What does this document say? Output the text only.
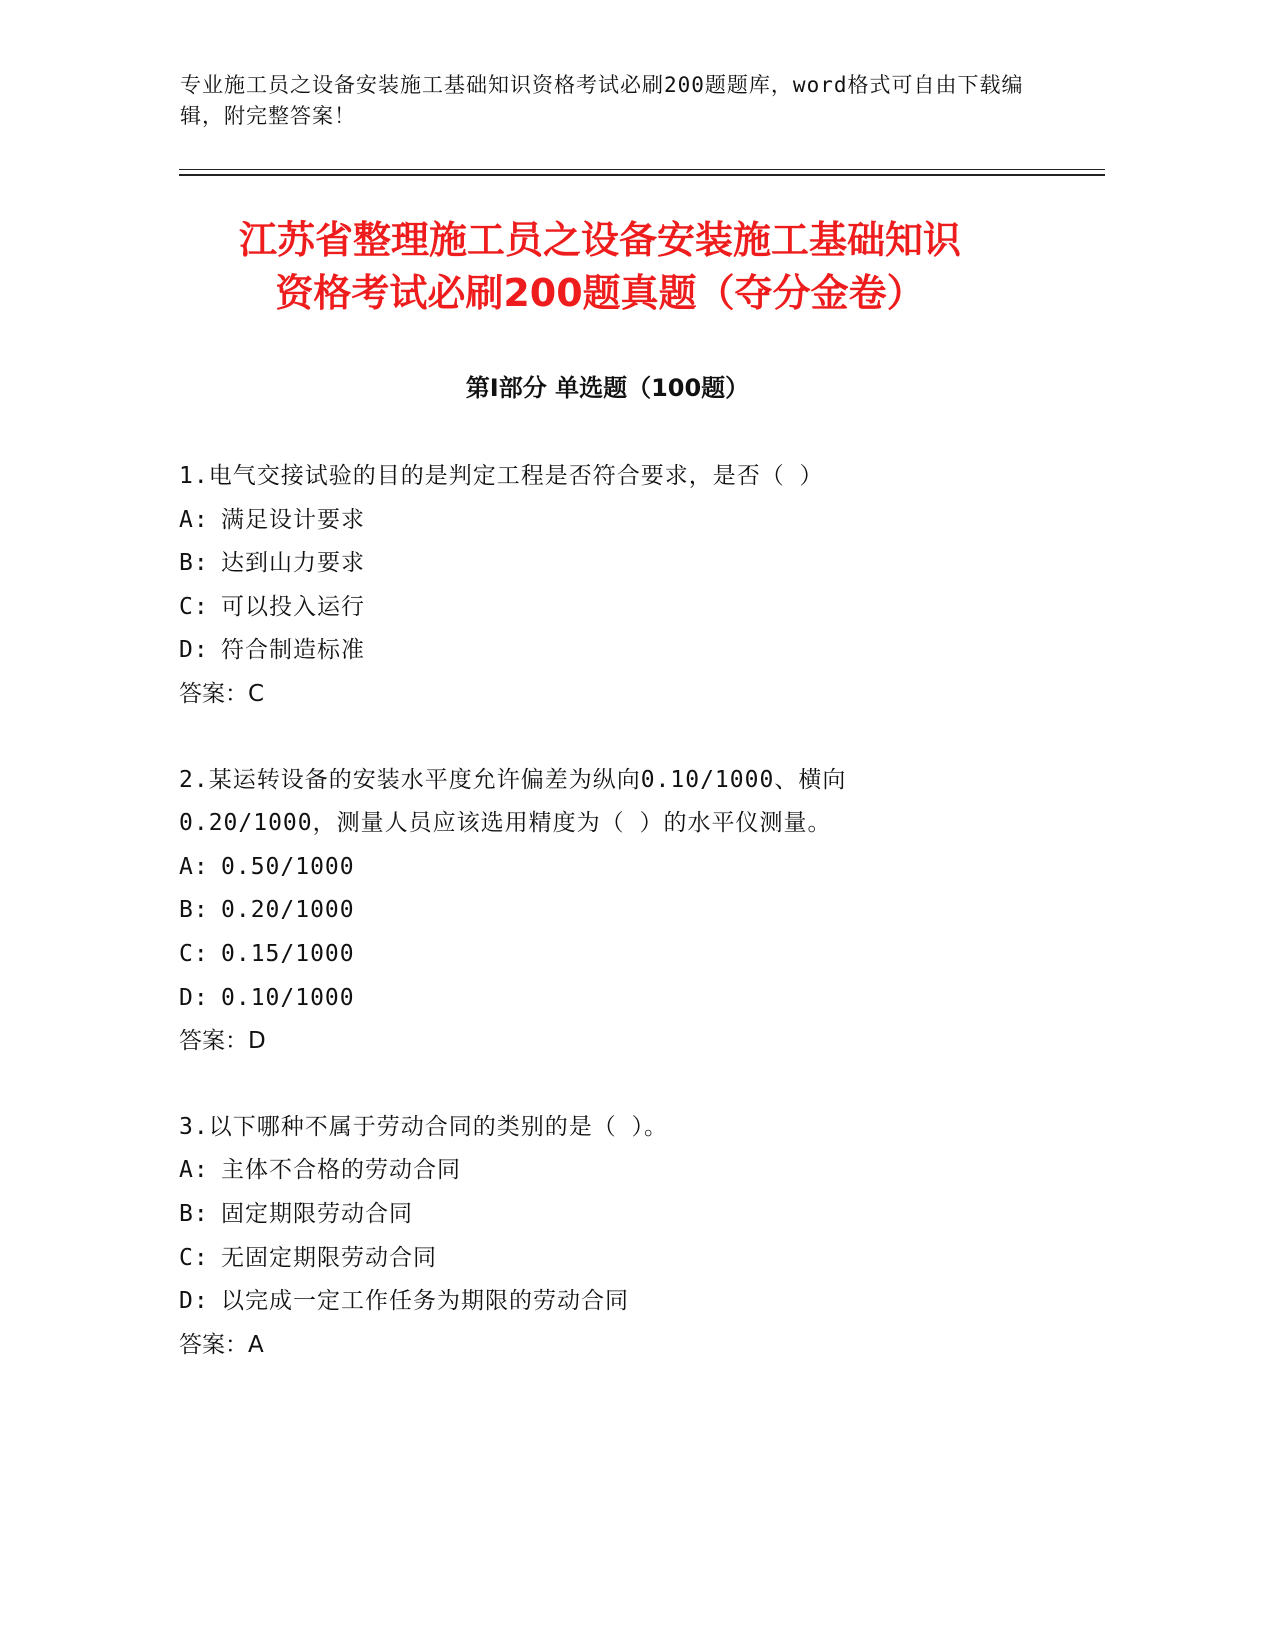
专业施工员之设备安装施工基础知识资格考试必刷200题题库，word格式可自由下载编辑，附完整答案！
江苏省整理施工员之设备安装施工基础知识
资格考试必刷200题真题（夺分金卷）
第Ⅰ部分 单选题（100题）

1.电气交接试验的目的是判定工程是否符合要求，是否（ ）

A: 满足设计要求

B: 达到山力要求

C: 可以投入运行

D: 符合制造标准

答案：C

2.某运转设备的安装水平度允许偏差为纵向0.10/1000、横向0.20/1000，测量人员应该选用精度为（ ）的水平仪测量。

A: 0.50/1000

B: 0.20/1000

C: 0.15/1000

D: 0.10/1000

答案：D

3.以下哪种不属于劳动合同的类别的是（ ）。

A: 主体不合格的劳动合同

B: 固定期限劳动合同

C: 无固定期限劳动合同

D: 以完成一定工作任务为期限的劳动合同

答案：A
